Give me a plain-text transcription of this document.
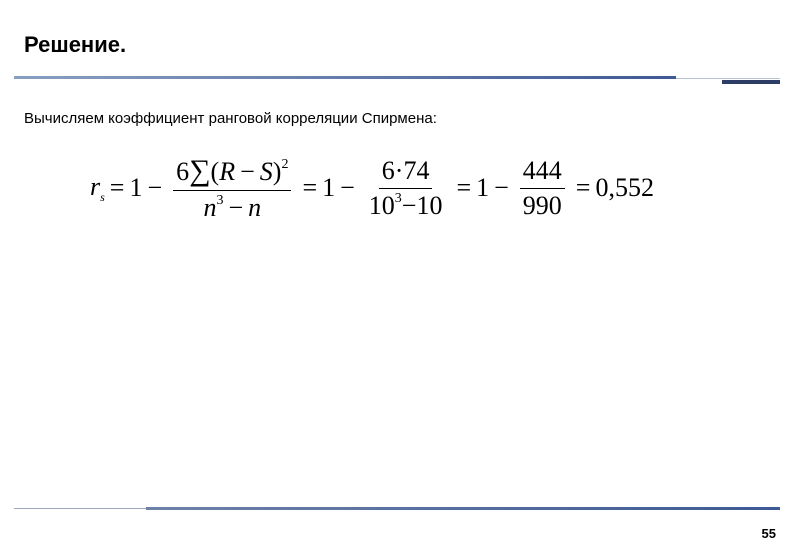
Решение.
Вычисляем коэффициент ранговой корреляции Спирмена:
$r_s = 1 - \frac{6\sum(R - S)^2}{n^3 - n} = 1 - \frac{6\cdot 74}{10^3-10} = 1 - \frac{444}{990} = 0,552$
55
